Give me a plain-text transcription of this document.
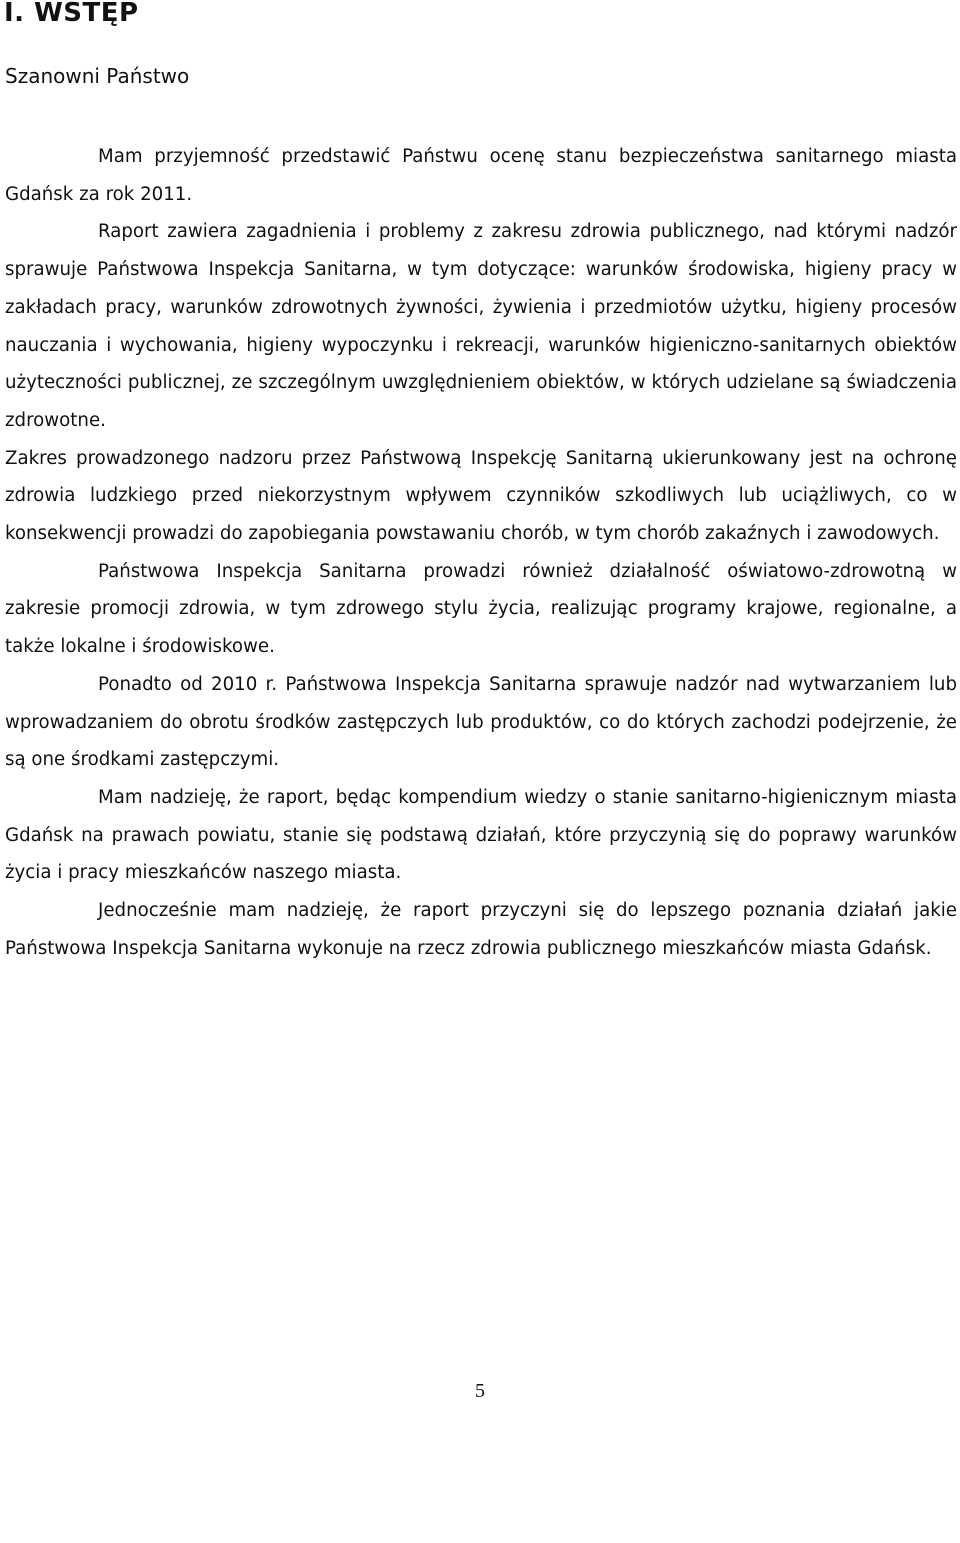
I. WSTĘP
Szanowni Państwo

Mam przyjemność przedstawić Państwu ocenę stanu bezpieczeństwa sanitarnego miasta Gdańsk za rok 2011.

Raport zawiera zagadnienia i problemy z zakresu zdrowia publicznego, nad którymi nadzór sprawuje Państwowa Inspekcja Sanitarna, w tym dotyczące: warunków środowiska, higieny pracy w zakładach pracy, warunków zdrowotnych żywności, żywienia i przedmiotów użytku, higieny procesów nauczania i wychowania, higieny wypoczynku i rekreacji, warunków higieniczno-sanitarnych obiektów użyteczności publicznej, ze szczególnym uwzględnieniem obiektów, w których udzielane są świadczenia zdrowotne.

Zakres prowadzonego nadzoru przez Państwową Inspekcję Sanitarną ukierunkowany jest na ochronę zdrowia ludzkiego przed niekorzystnym wpływem czynników szkodliwych lub uciążliwych, co w konsekwencji prowadzi do zapobiegania powstawaniu chorób, w tym chorób zakaźnych i zawodowych.

Państwowa Inspekcja Sanitarna prowadzi również działalność oświatowo-zdrowotną w zakresie promocji zdrowia, w tym zdrowego stylu życia, realizując programy krajowe, regionalne, a także lokalne i środowiskowe.

Ponadto od 2010 r. Państwowa Inspekcja Sanitarna sprawuje nadzór nad wytwarzaniem lub wprowadzaniem do obrotu środków zastępczych lub produktów, co do których zachodzi podejrzenie, że są one środkami zastępczymi.

Mam nadzieję, że raport, będąc kompendium wiedzy o stanie sanitarno-higienicznym miasta Gdańsk na prawach powiatu, stanie się podstawą działań, które przyczynią się do poprawy warunków życia i pracy mieszkańców naszego miasta.

Jednocześnie mam nadzieję, że raport przyczyni się do lepszego poznania działań jakie Państwowa Inspekcja Sanitarna wykonuje na rzecz zdrowia publicznego mieszkańców miasta Gdańsk.

5
